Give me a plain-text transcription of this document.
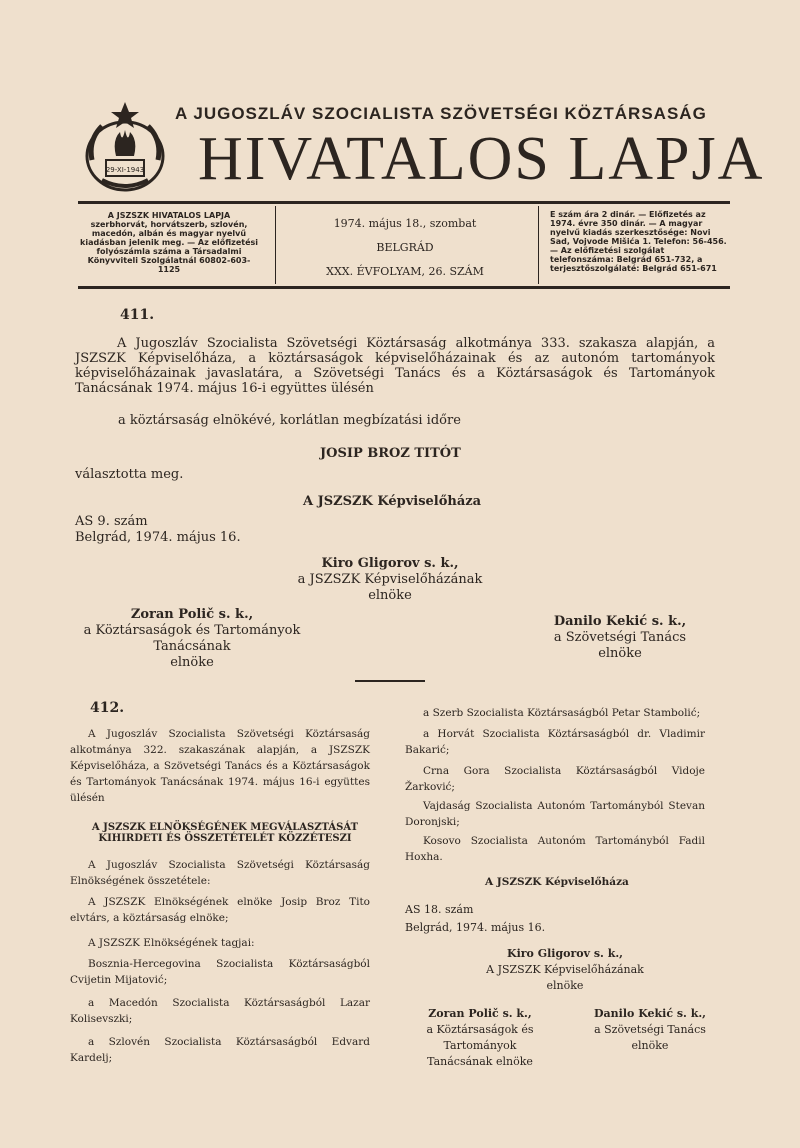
29-XI-1943
A JUGOSZLÁV SZOCIALISTA SZÖVETSÉGI KÖZTÁRSASÁG
HIVATALOS LAPJA
A JSZSZK HIVATALOS LAPJA szerbhorvát, horvátszerb, szlovén, macedón, albán és magyar nyelvű kiadásban jelenik meg. — Az előfizetési folyószámla száma a Társadalmi Könyvviteli Szolgálatnál 60802-603-1125
1974. május 18., szombat
BELGRÁD
XXX. ÉVFOLYAM, 26. SZÁM
E szám ára 2 dinár. — Előfizetés az 1974. évre 350 dinár. — A magyar nyelvű kiadás szerkesztősége: Novi Sad, Vojvode Mišića 1. Telefon: 56-456. — Az előfizetési szolgálat telefonszáma: Belgrád 651-732, a terjesztőszolgálaté: Belgrád 651-671
411.
A Jugoszláv Szocialista Szövetségi Köztársaság alkotmánya 333. szakasza alapján, a JSZSZK Képviselőháza, a köztársaságok képviselőházainak és az autonóm tartományok képviselőházainak javaslatára, a Szövetségi Tanács és a Köztársaságok és Tartományok Tanácsának 1974. május 16-i együttes ülésén
a köztársaság elnökévé, korlátlan megbízatási időre
JOSIP BROZ TITÓT
választotta meg.
A JSZSZK Képviselőháza
AS 9. szám
Belgrád, 1974. május 16.
Kiro Gligorov s. k.,
a JSZSZK Képviselőházának
elnöke
Zoran Polič s. k.,
a Köztársaságok és Tartományok
Tanácsának
elnöke
Danilo Kekić s. k.,
a Szövetségi Tanács
elnöke
412.
A Jugoszláv Szocialista Szövetségi Köztársaság alkotmánya 322. szakaszának alapján, a JSZSZK Képviselőháza, a Szövetségi Tanács és a Köztársaságok és Tartományok Tanácsának 1974. május 16-i együttes ülésén
A JSZSZK ELNÖKSÉGÉNEK MEGVÁLASZTÁSÁT
KIHIRDETI ÉS ÖSSZETÉTELÉT KÖZZÉTESZI
A Jugoszláv Szocialista Szövetségi Köztársaság Elnökségének összetétele:
A JSZSZK Elnökségének elnöke Josip Broz Tito elvtárs, a köztársaság elnöke;
A JSZSZK Elnökségének tagjai:
Bosznia-Hercegovina Szocialista Köztársaságból Cvijetin Mijatović;
a Macedón Szocialista Köztársaságból Lazar Kolisevszki;
a Szlovén Szocialista Köztársaságból Edvard Kardelj;
a Szerb Szocialista Köztársaságból Petar Stambolić;
a Horvát Szocialista Köztársaságból dr. Vladimir Bakarić;
Crna Gora Szocialista Köztársaságból Vidoje Žarković;
Vajdaság Szocialista Autonóm Tartományból Stevan Doronjski;
Kosovo Szocialista Autonóm Tartományból Fadil Hoxha.
A JSZSZK Képviselőháza
AS 18. szám
Belgrád, 1974. május 16.
Kiro Gligorov s. k.,
A JSZSZK Képviselőházának
elnöke
Zoran Polič s. k.,
a Köztársaságok és
Tartományok
Tanácsának elnöke
Danilo Kekić s. k.,
a Szövetségi Tanács
elnöke
